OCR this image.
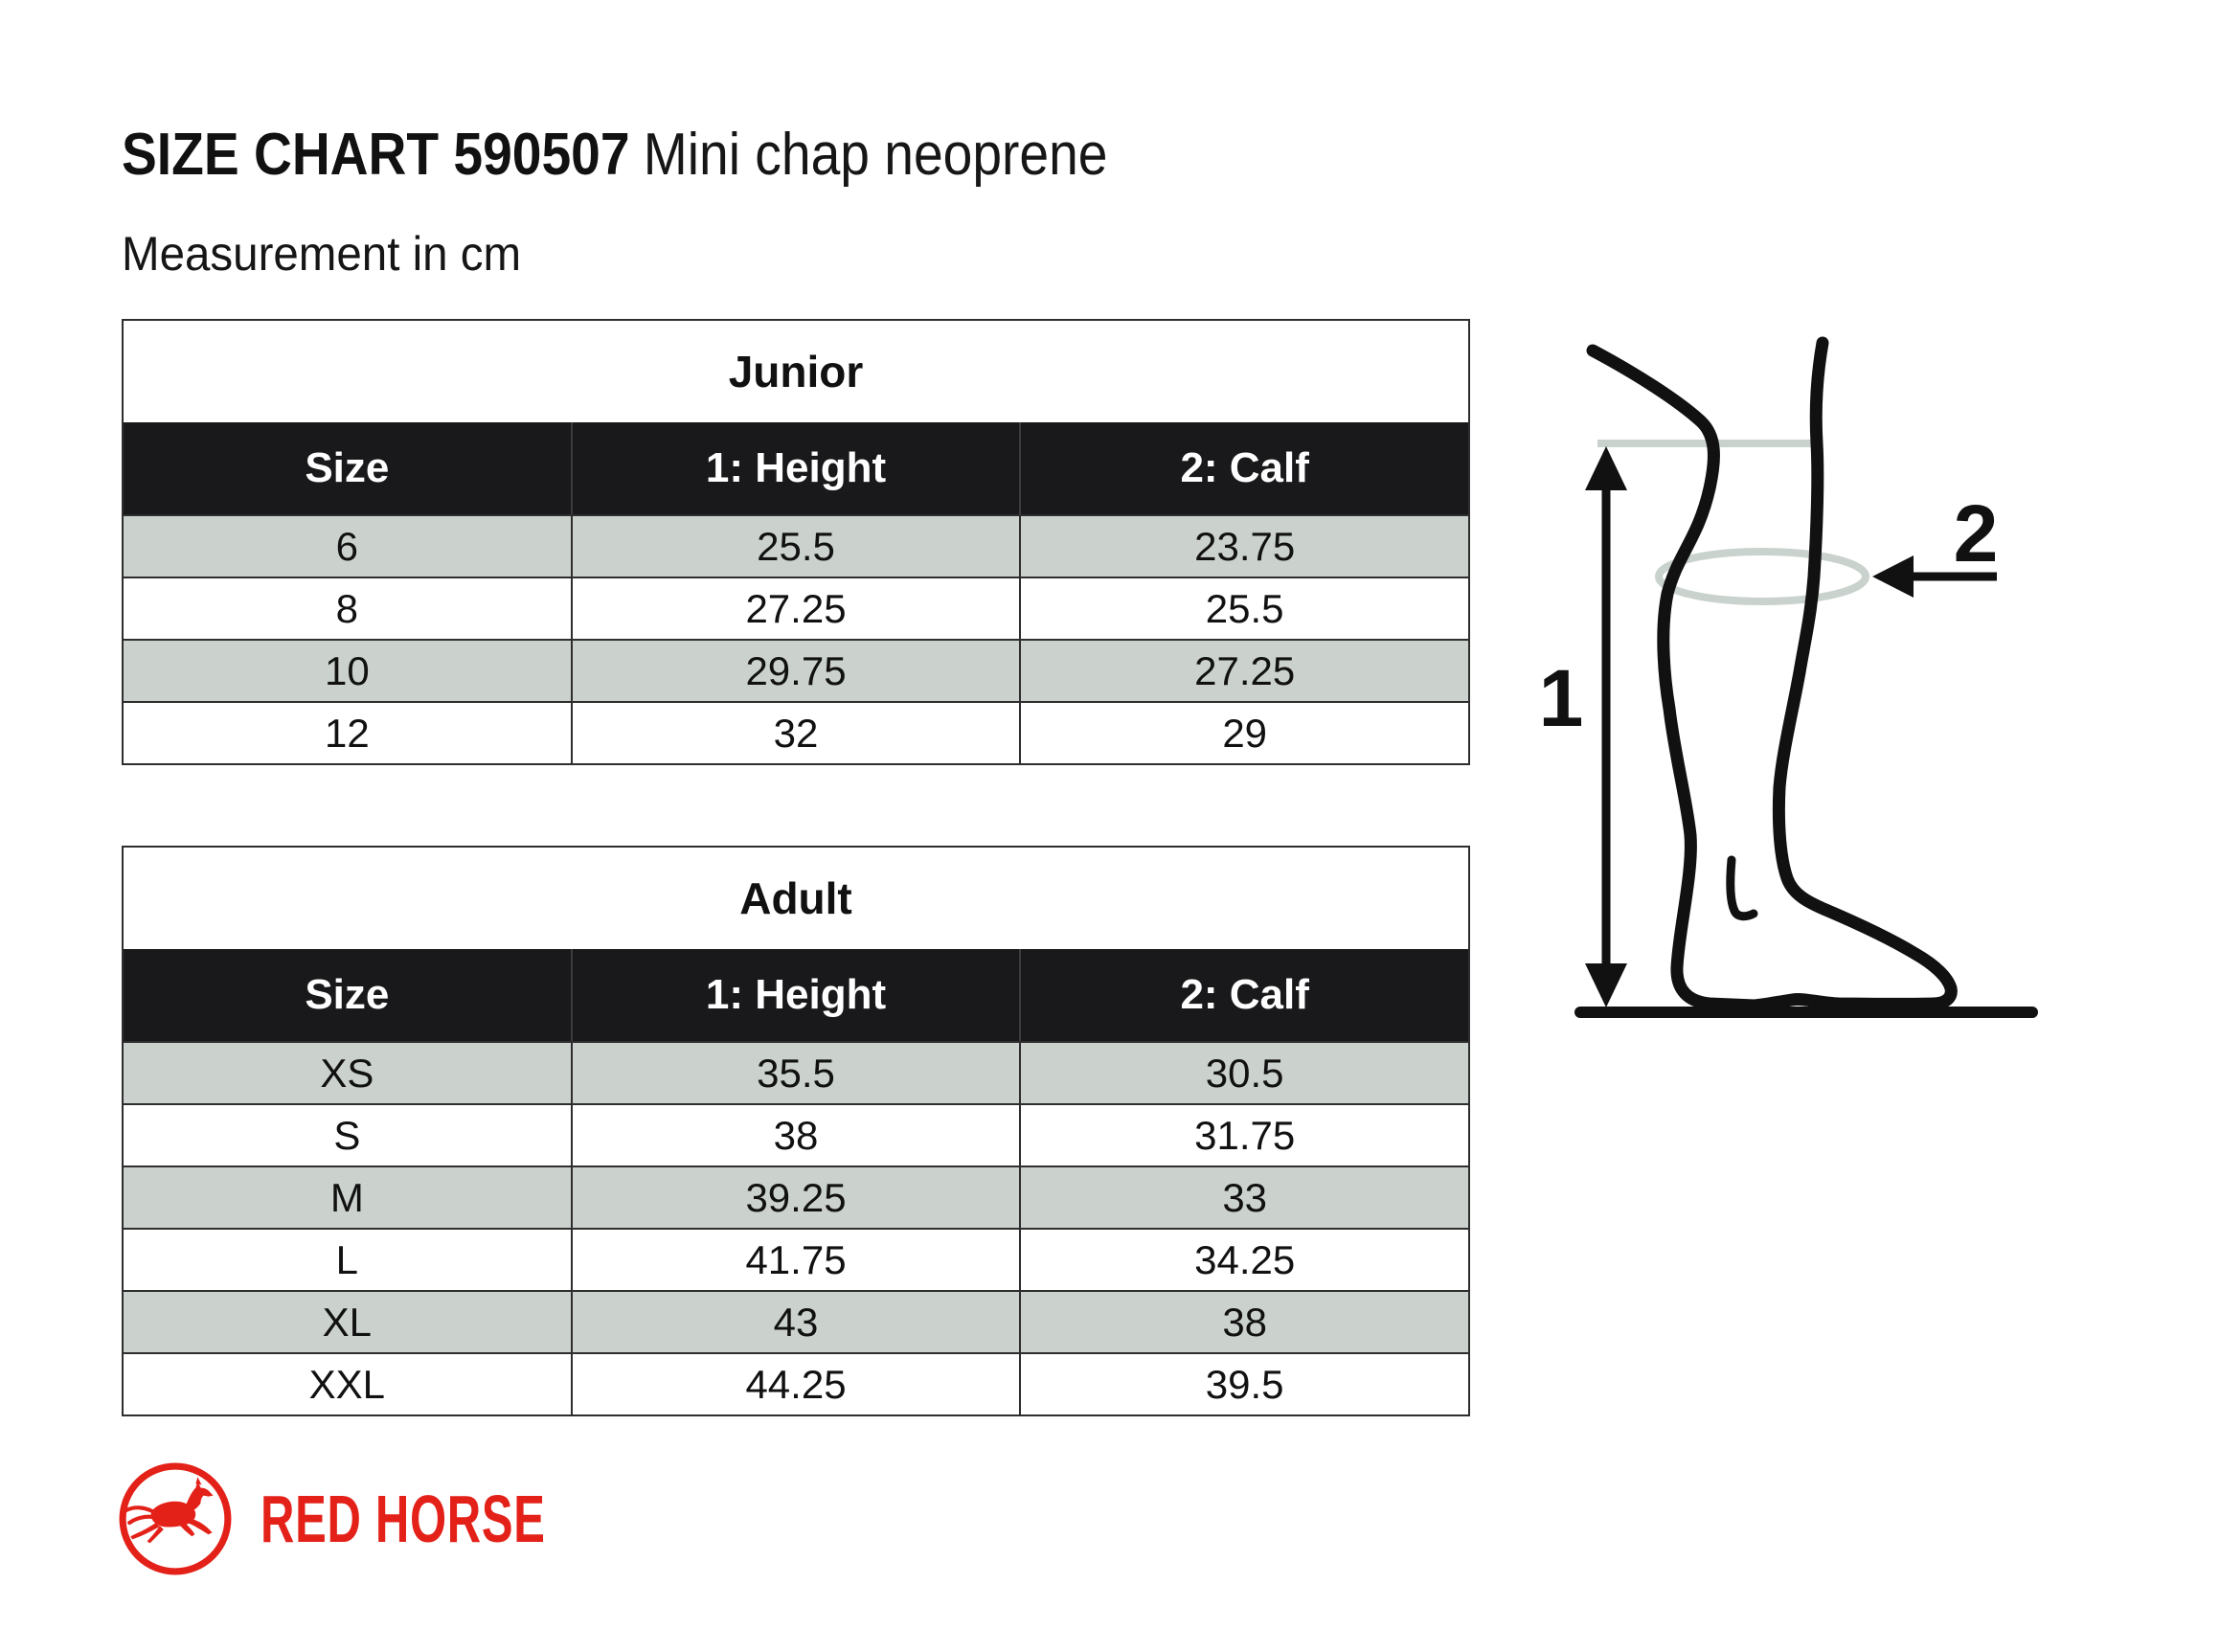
SIZE CHART 590507 Mini chap neoprene
Measurement in cm
Junior
Size	1: Height	2: Calf
6	25.5	23.75
8	27.25	25.5
10	29.75	27.25
12	32	29
Adult
Size	1: Height	2: Calf
XS	35.5	30.5
S	38	31.75
M	39.25	33
L	41.75	34.25
XL	43	38
XXL	44.25	39.5
1
2
RED HORSE
